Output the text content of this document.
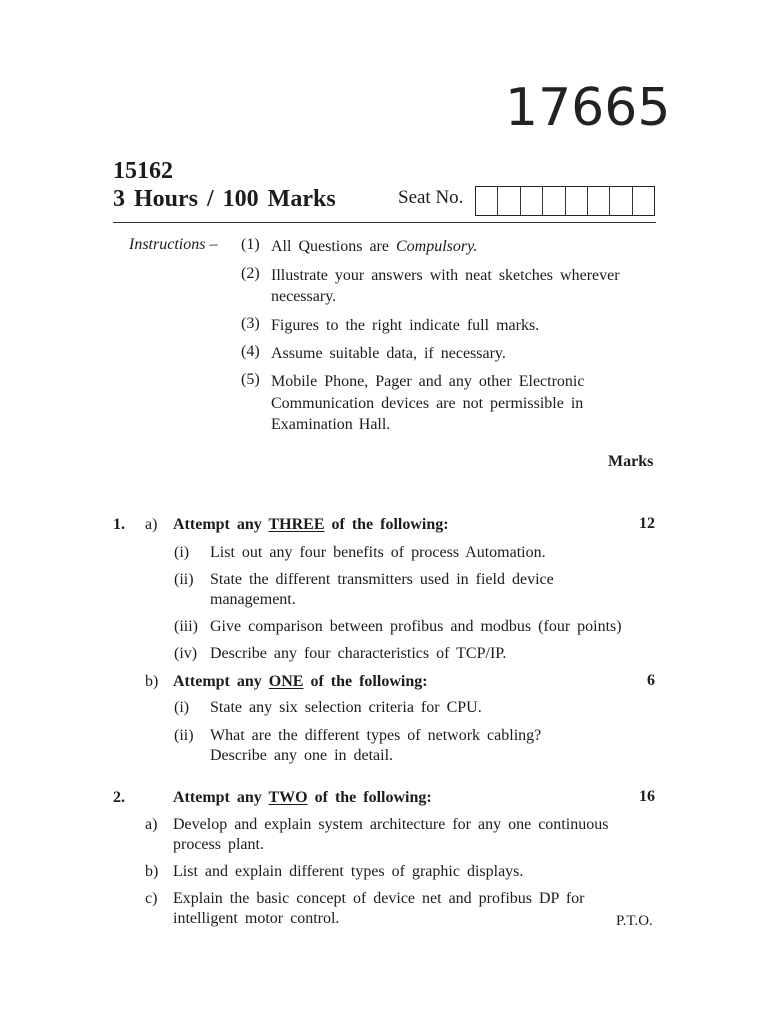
17665
15162
3 Hours / 100 Marks	Seat No.
Instructions – (1) All Questions are Compulsory.
(2) Illustrate your answers with neat sketches wherever
necessary.
(3) Figures to the right indicate full marks.
(4) Assume suitable data, if necessary.
(5) Mobile Phone, Pager and any other Electronic
Communication devices are not permissible in
Examination Hall.
Marks
1. a) Attempt any THREE of the following:	12
(i) List out any four benefits of process Automation.
(ii) State the different transmitters used in field device
management.
(iii) Give comparison between profibus and modbus (four points)
(iv) Describe any four characteristics of TCP/IP.
b) Attempt any ONE of the following:	6
(i) State any six selection criteria for CPU.
(ii) What are the different types of network cabling?
Describe any one in detail.
2.	Attempt any TWO of the following:	16
a) Develop and explain system architecture for any one continuous
process plant.
b) List and explain different types of graphic displays.
c) Explain the basic concept of device net and profibus DP for
intelligent motor control.	P.T.O.
